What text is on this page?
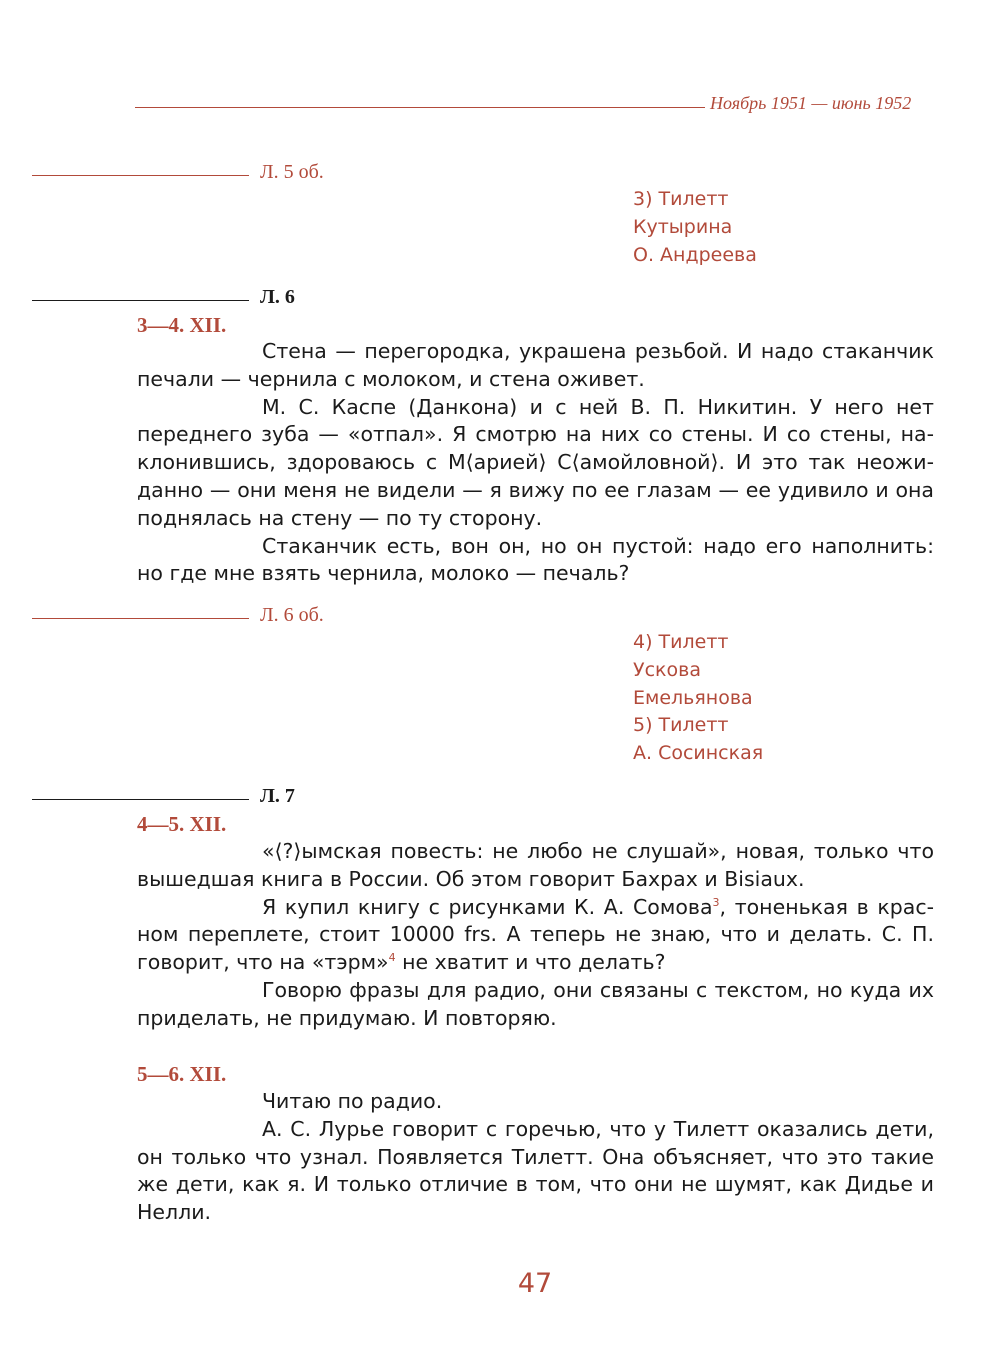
Ноябрь 1951 — июнь 1952
Л. 5 об.
3) Тилетт
Кутырина
О. Андреева
Л. 6
3—4. XII.

Стена — перегородка, украшена резьбой. И надо стаканчик печали — чернила с молоком, и стена оживет.

М. С. Каспе (Данкона) и с ней В. П. Никитин. У него нет переднего зуба — «отпал». Я смотрю на них со стены. И со стены, наклонившись, здороваюсь с М⟨арией⟩ С⟨амойловной⟩. И это так неожиданно — они меня не видели — я вижу по ее глазам — ее удивило и она поднялась на стену — по ту сторону.

Стаканчик есть, вон он, но он пустой: надо его наполнить: но где мне взять чернила, молоко — печаль?

Л. 6 об.
4) Тилетт
Ускова
Емельянова
5) Тилетт
А. Сосинская
Л. 7
4—5. XII.

«⟨?⟩ымская повесть: не любо не слушай», новая, только что вышедшая книга в России. Об этом говорит Бахрах и Bisiaux.

Я купил книгу с рисунками К. А. Сомова$^3$, тоненькая в красном переплете, стоит 10000 frs. А теперь не знаю, что и делать. С. П. говорит, что на «тэрм»$^4$ не хватит и что делать?

Говорю фразы для радио, они связаны с текстом, но куда их приделать, не придумаю. И повторяю.

5—6. XII.

Читаю по радио.

А. С. Лурье говорит с горечью, что у Тилетт оказались дети, он только что узнал. Появляется Тилетт. Она объясняет, что это такие же дети, как я. И только отличие в том, что они не шумят, как Дидье и Нелли.

47
